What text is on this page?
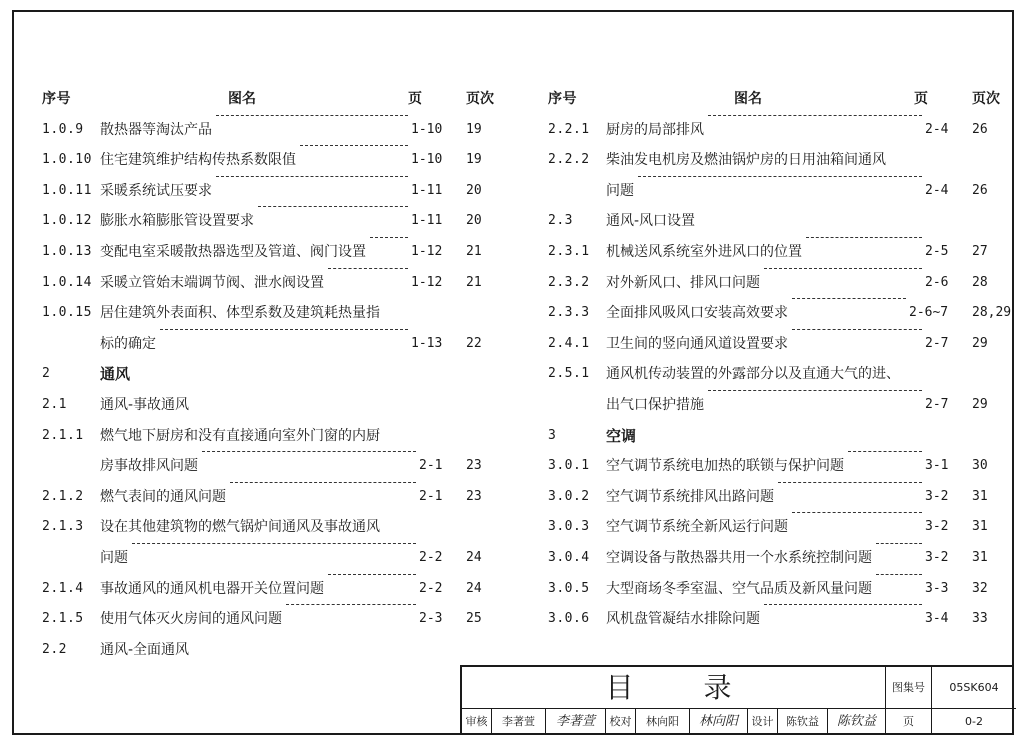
序号	图名	页	页次
1.0.9 散热器等淘汰产品	1-10 19
1.0.10 住宅建筑维护结构传热系数限值	1-10 19
1.0.11 采暖系统试压要求	1-11 20
1.0.12 膨胀水箱膨胀管设置要求	1-11 20
1.0.13 变配电室采暖散热器选型及管道、阀门设置	1-12 21
1.0.14 采暖立管始末端调节阀、泄水阀设置	1-12 21
1.0.15 居住建筑外表面积、体型系数及建筑耗热量指
标的确定	1-13 22
2	通风
2.1 通风-事故通风
2.1.1 燃气地下厨房和没有直接通向室外门窗的内厨
房事故排风问题	2-1 23
2.1.2 燃气表间的通风问题	2-1 23
2.1.3 设在其他建筑物的燃气锅炉间通风及事故通风
问题	2-2 24
2.1.4 事故通风的通风机电器开关位置问题	2-2 24
2.1.5 使用气体灭火房间的通风问题	2-3 25
2.2 通风-全面通风
序号	图名	页	页次
2.2.1 厨房的局部排风	2-4 26
2.2.2 柴油发电机房及燃油锅炉房的日用油箱间通风
问题	2-4 26
2.3 通风-风口设置
2.3.1 机械送风系统室外进风口的位置	2-5 27
2.3.2 对外新风口、排风口问题	2-6 28
2.3.3 全面排风吸风口安装高效要求	2-6~7 28,29
2.4.1 卫生间的竖向通风道设置要求	2-7 29
2.5.1 通风机传动装置的外露部分以及直通大气的进、
出气口保护措施	2-7 29
3	空调
3.0.1 空气调节系统电加热的联锁与保护问题	3-1 30
3.0.2 空气调节系统排风出路问题	3-2 31
3.0.3 空气调节系统全新风运行问题	3-2 31
3.0.4 空调设备与散热器共用一个水系统控制问题	3-2 31
3.0.5 大型商场冬季室温、空气品质及新风量问题	3-3 32
3.0.6 风机盘管凝结水排除问题	3-4 33
目录	图集号	05SK604
审核	李著萱	李著萱	校对	林向阳	林向阳	设计	陈钦益	陈钦益	页	0-2
